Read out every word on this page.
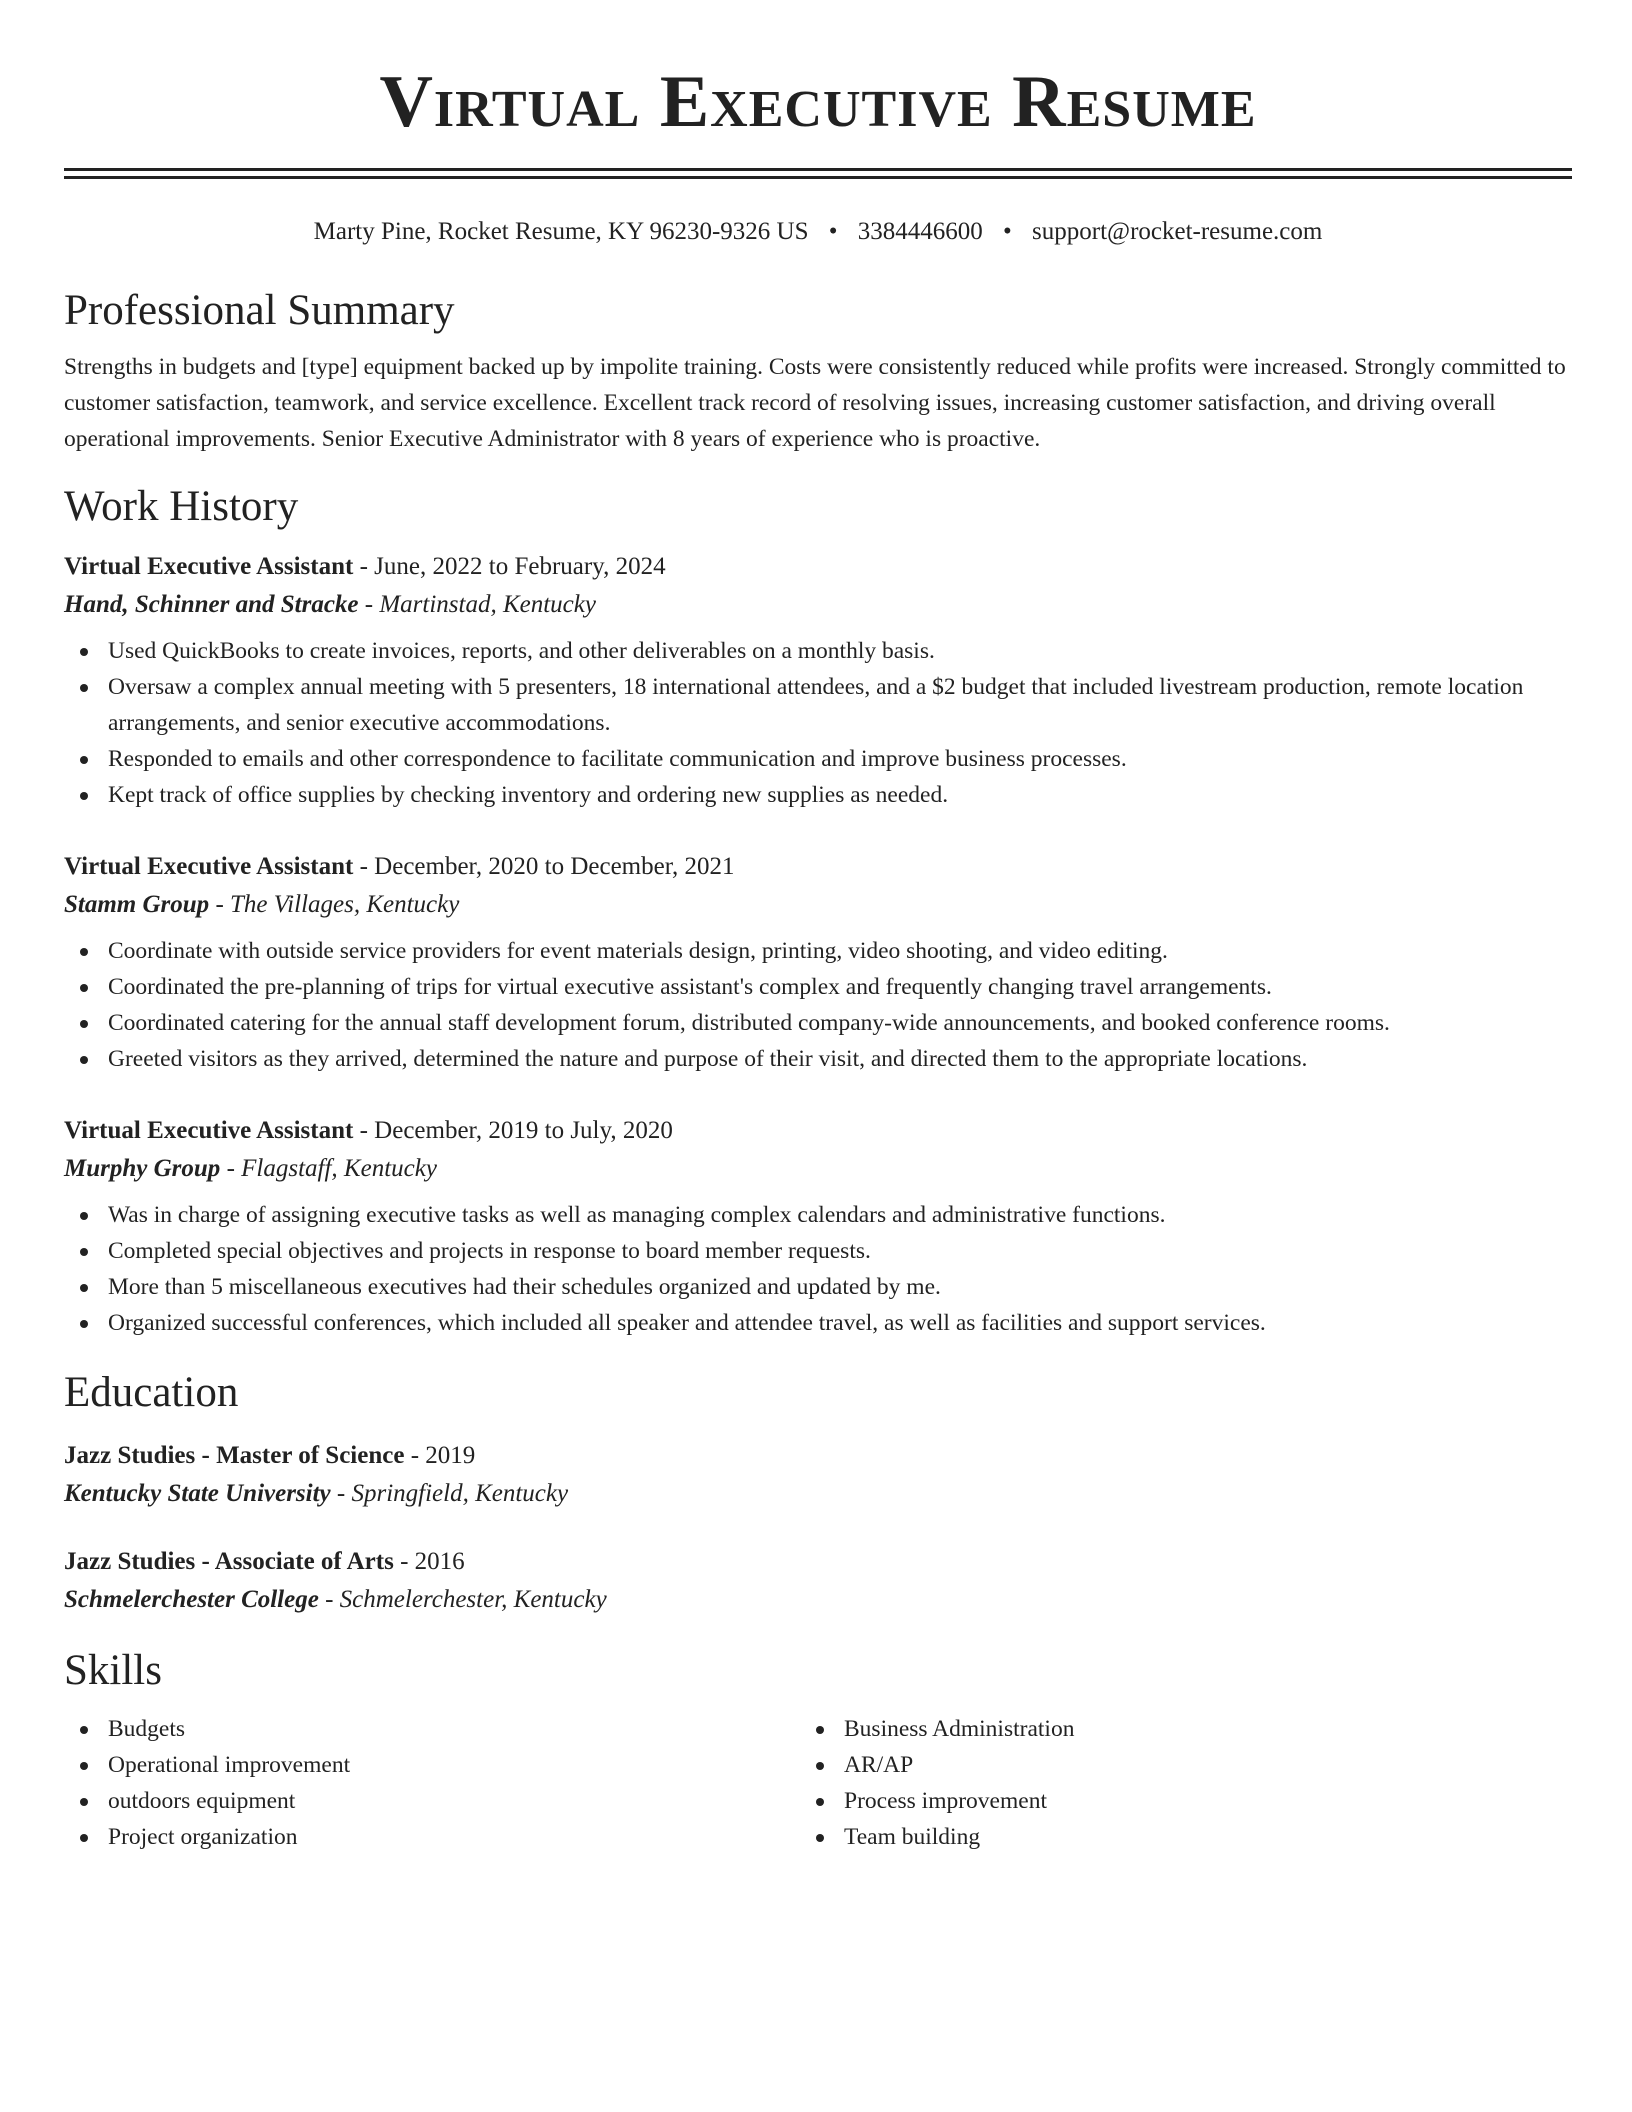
Virtual Executive Resume
Marty Pine, Rocket Resume, KY 96230-9326 US • 3384446600 • support@rocket-resume.com
Professional Summary

Strengths in budgets and [type] equipment backed up by impolite training. Costs were consistently reduced while profits were increased. Strongly committed to customer satisfaction, teamwork, and service excellence. Excellent track record of resolving issues, increasing customer satisfaction, and driving overall operational improvements. Senior Executive Administrator with 8 years of experience who is proactive.

Work History
Virtual Executive Assistant - June, 2022 to February, 2024
Hand, Schinner and Stracke - Martinstad, Kentucky
Used QuickBooks to create invoices, reports, and other deliverables on a monthly basis.
Oversaw a complex annual meeting with 5 presenters, 18 international attendees, and a $2 budget that included livestream production, remote location arrangements, and senior executive accommodations.
Responded to emails and other correspondence to facilitate communication and improve business processes.
Kept track of office supplies by checking inventory and ordering new supplies as needed.
Virtual Executive Assistant - December, 2020 to December, 2021
Stamm Group - The Villages, Kentucky
Coordinate with outside service providers for event materials design, printing, video shooting, and video editing.
Coordinated the pre-planning of trips for virtual executive assistant's complex and frequently changing travel arrangements.
Coordinated catering for the annual staff development forum, distributed company-wide announcements, and booked conference rooms.
Greeted visitors as they arrived, determined the nature and purpose of their visit, and directed them to the appropriate locations.
Virtual Executive Assistant - December, 2019 to July, 2020
Murphy Group - Flagstaff, Kentucky
Was in charge of assigning executive tasks as well as managing complex calendars and administrative functions.
Completed special objectives and projects in response to board member requests.
More than 5 miscellaneous executives had their schedules organized and updated by me.
Organized successful conferences, which included all speaker and attendee travel, as well as facilities and support services.
Education
Jazz Studies - Master of Science - 2019
Kentucky State University - Springfield, Kentucky
Jazz Studies - Associate of Arts - 2016
Schmelerchester College - Schmelerchester, Kentucky
Skills
Budgets
Operational improvement
outdoors equipment
Project organization
Business Administration
AR/AP
Process improvement
Team building
